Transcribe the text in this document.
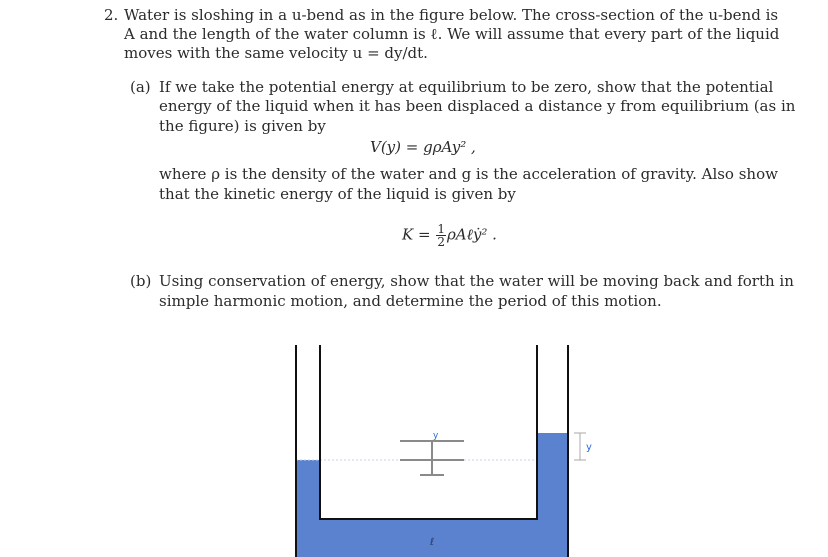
2. Water is sloshing in a u-bend as in the figure below. The cross-section of the u-bend is
A and the length of the water column is ℓ. We will assume that every part of the liquid
moves with the same velocity u = dy/dt.
(a) If we take the potential energy at equilibrium to be zero, show that the potential
energy of the liquid when it has been displaced a distance y from equilibrium (as in
the figure) is given by
V(y) = gρAy² ,
where ρ is the density of the water and g is the acceleration of gravity. Also show
that the kinetic energy of the liquid is given by
$K = \frac{1}{2}$ ρAℓẏ² .
(b) Using conservation of energy, show that the water will be moving back and forth in
simple harmonic motion, and determine the period of this motion.
y
y
ℓ
